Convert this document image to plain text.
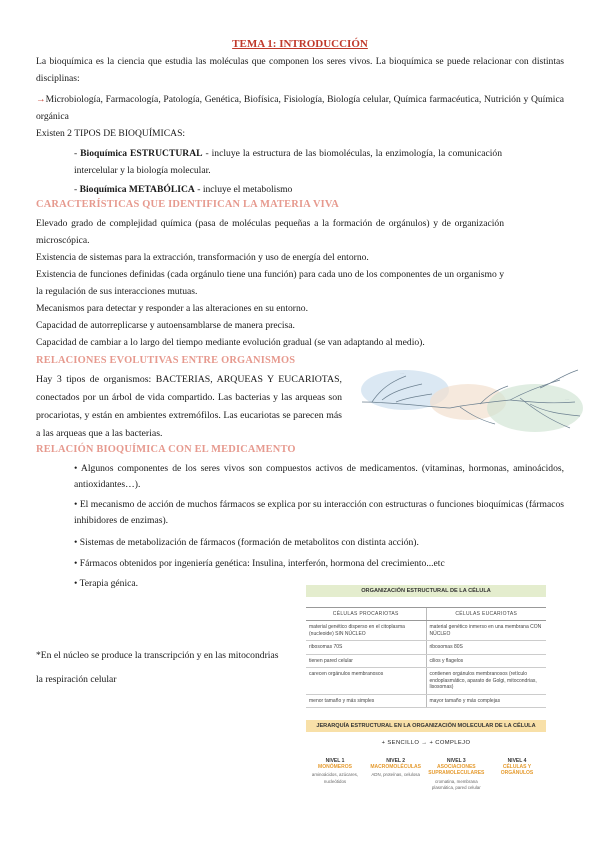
TEMA 1: INTRODUCCIÓN

La bioquímica es la ciencia que estudia las moléculas que componen los seres vivos. La bioquímica se puede relacionar con distintas disciplinas:

→Microbiología, Farmacología, Patología, Genética, Biofísica, Fisiología, Biología celular, Química farmacéutica, Nutrición y Química orgánica

Existen 2 TIPOS DE BIOQUÍMICAS:

- Bioquímica ESTRUCTURAL - incluye la estructura de las biomoléculas, la enzimología, la comunicación intercelular y la biología molecular.

- Bioquímica METABÓLICA - incluye el metabolismo

CARACTERÍSTICAS QUE IDENTIFICAN LA MATERIA VIVA

Elevado grado de complejidad química (pasa de moléculas pequeñas a la formación de orgánulos) y de organización microscópica.

Existencia de sistemas para la extracción, transformación y uso de energía del entorno.

Existencia de funciones definidas (cada orgánulo tiene una función) para cada uno de los componentes de un organismo y la regulación de sus interacciones mutuas.

Mecanismos para detectar y responder a las alteraciones en su entorno.

Capacidad de autorreplicarse y autoensamblarse de manera precisa.

Capacidad de cambiar a lo largo del tiempo mediante evolución gradual (se van adaptando al medio).

RELACIONES EVOLUTIVAS ENTRE ORGANISMOS

Hay 3 tipos de organismos: BACTERIAS, ARQUEAS Y EUCARIOTAS, conectados por un árbol de vida compartido. Las bacterias y las arqueas son procariotas, y están en ambientes extremófilos. Las eucariotas se parecen más a las arqueas que a las bacterias.

·····
·····
·····
·····

RELACIÓN BIOQUÍMICA CON EL MEDICAMENTO

• Algunos componentes de los seres vivos son compuestos activos de medicamentos. (vitaminas, hormonas, aminoácidos, antioxidantes…).
• El mecanismo de acción de muchos fármacos se explica por su interacción con estructuras o funciones bioquímicas (fármacos inhibidores de enzimas).
• Sistemas de metabolización de fármacos (formación de metabolitos con distinta acción).
• Fármacos obtenidos por ingeniería genética: Insulina, interferón, hormona del crecimiento...etc
• Terapia génica.

*En el núcleo se produce la transcripción y en las mitocondrias

la respiración celular

ORGANIZACIÓN ESTRUCTURAL DE LA CÉLULA
CÉLULAS PROCARIOTAS	CÉLULAS EUCARIOTAS
material genético disperso en el citoplasma (nucleoide) SIN NÚCLEO	material genético inmerso en una membrana CON NÚCLEO
ribosomas 70S	ribosomas 80S
tienen pared celular	cilios y flagelos
carecen orgánulos membranosos	contienen orgánulos membranosos (retículo endoplasmático, aparato de Golgi, mitocondrias, lisosomas)
menor tamaño y más simples	mayor tamaño y más complejas
JERARQUÍA ESTRUCTURAL EN LA ORGANIZACIÓN MOLECULAR DE LA CÉLULA
+ SENCILLO → + COMPLEJO
NIVEL 1
MONÓMEROS
aminoácidos, azúcares, nucleótidos
NIVEL 2
MACROMOLÉCULAS
ADN, proteínas, celulosa
NIVEL 3
ASOCIACIONES SUPRAMOLECULARES
cromatina, membrana plasmática, pared celular
NIVEL 4
CÉLULAS Y ORGÁNULOS
